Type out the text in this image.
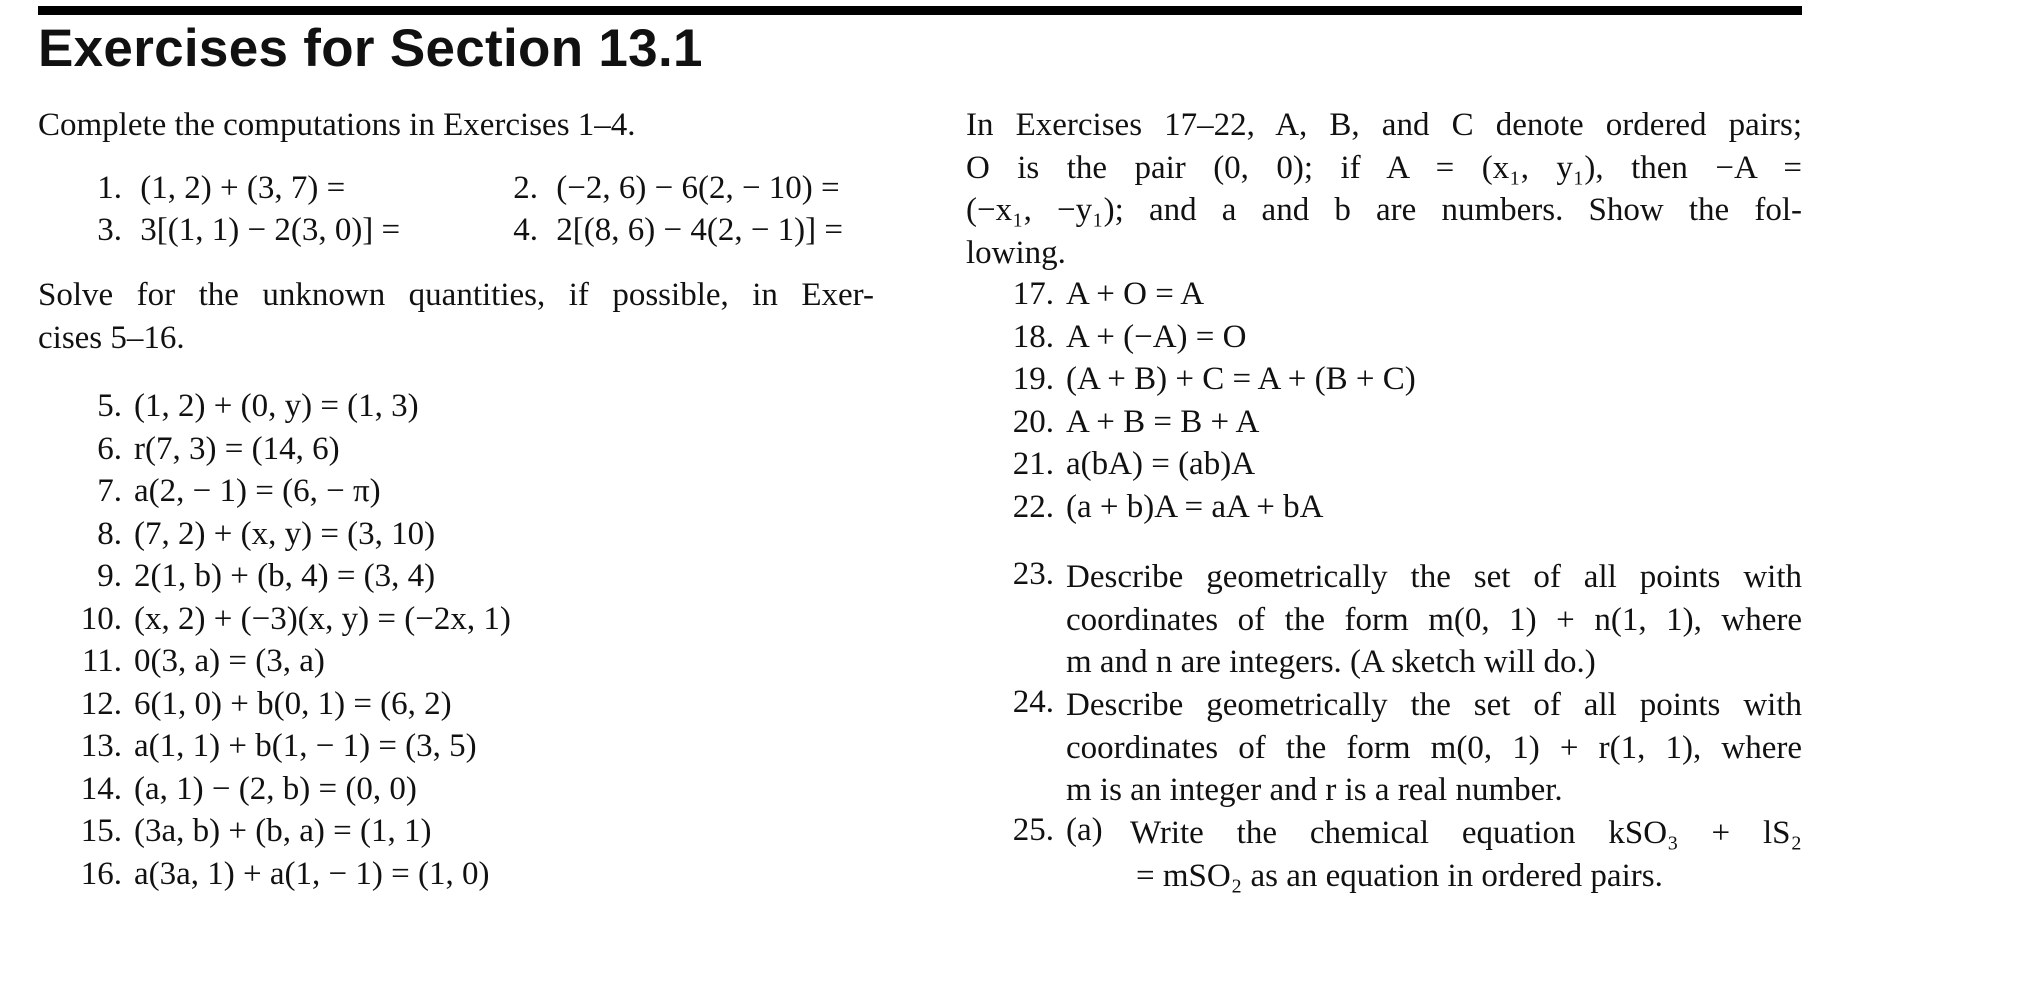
Exercises for Section 13.1
Complete the computations in Exercises 1–4.
1. (1, 2) + (3, 7) =	2. (−2, 6) − 6(2, − 10) =
3. 3[(1, 1) − 2(3, 0)] =	4. 2[(8, 6) − 4(2, − 1)] =
Solve for the unknown quantities, if possible, in Exer-
cises 5–16.
5. (1, 2) + (0, y) = (1, 3)
6. r(7, 3) = (14, 6)
7. a(2, − 1) = (6, − π)
8. (7, 2) + (x, y) = (3, 10)
9. 2(1, b) + (b, 4) = (3, 4)
10. (x, 2) + (−3)(x, y) = (−2x, 1)
11. 0(3, a) = (3, a)
12. 6(1, 0) + b(0, 1) = (6, 2)
13. a(1, 1) + b(1, − 1) = (3, 5)
14. (a, 1) − (2, b) = (0, 0)
15. (3a, b) + (b, a) = (1, 1)
16. a(3a, 1) + a(1, − 1) = (1, 0)
In Exercises 17–22, A, B, and C denote ordered pairs;
O is the pair (0, 0); if A = (x₁, y₁), then −A =
(−x₁, −y₁); and a and b are numbers. Show the fol-
lowing.
17. A + O = A
18. A + (−A) = O
19. (A + B) + C = A + (B + C)
20. A + B = B + A
21. a(bA) = (ab)A
22. (a + b)A = aA + bA
23. Describe geometrically the set of all points with
coordinates of the form m(0, 1) + n(1, 1), where
m and n are integers. (A sketch will do.)
24. Describe geometrically the set of all points with
coordinates of the form m(0, 1) + r(1, 1), where
m is an integer and r is a real number.
25. (a) Write the chemical equation kSO₃ + lS₂
= mSO₂ as an equation in ordered pairs.
